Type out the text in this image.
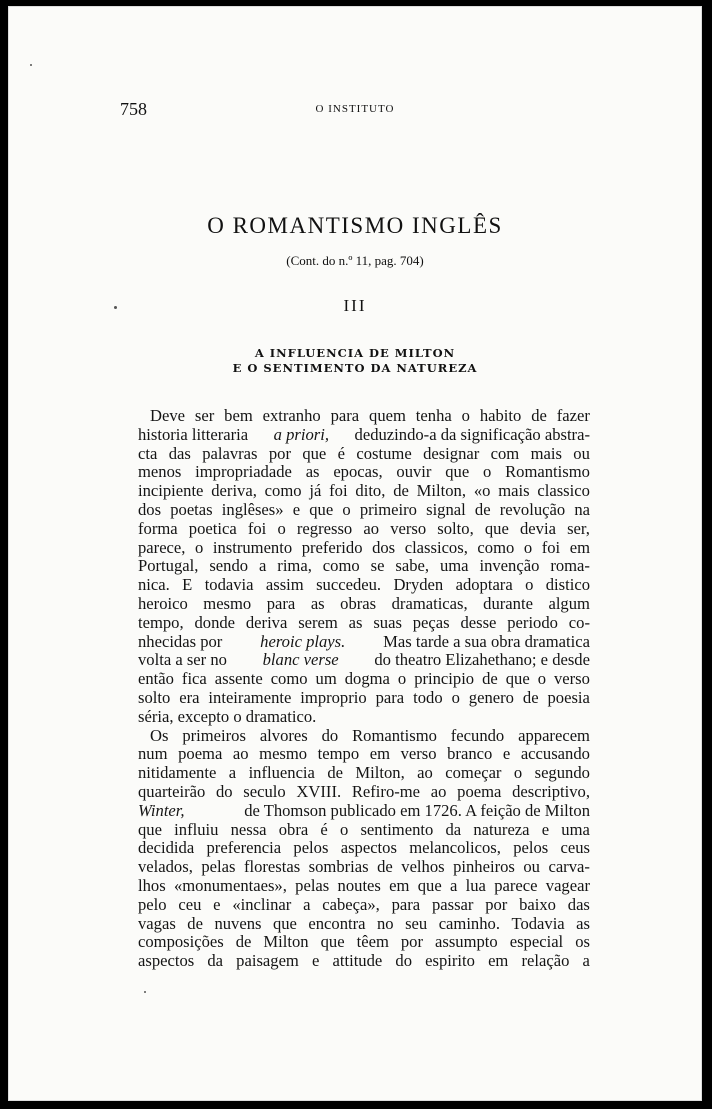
758	O INSTITUTO
O ROMANTISMO INGLÊS
(Cont. do n.º 11, pag. 704)
III
A INFLUENCIA DE MILTON
E O SENTIMENTO DA NATUREZA
Deve ser bem extranho para quem tenha o habito de fazer
historia litteraria a priori, deduzindo-a da significação abstra-
cta das palavras por que é costume designar com mais ou
menos impropriadade as epocas, ouvir que o Romantismo
incipiente deriva, como já foi dito, de Milton, «o mais classico
dos poetas inglêses» e que o primeiro signal de revolução na
forma poetica foi o regresso ao verso solto, que devia ser,
parece, o instrumento preferido dos classicos, como o foi em
Portugal, sendo a rima, como se sabe, uma invenção roma-
nica. E todavia assim succedeu. Dryden adoptara o distico
heroico mesmo para as obras dramaticas, durante algum
tempo, donde deriva serem as suas peças desse periodo co-
nhecidas por heroic plays. Mas tarde a sua obra dramatica
volta a ser no blanc verse do theatro Elizahethano; e desde
então fica assente como um dogma o principio de que o verso
solto era inteiramente improprio para todo o genero de poesia
séria, excepto o dramatico.
Os primeiros alvores do Romantismo fecundo apparecem
num poema ao mesmo tempo em verso branco e accusando
nitidamente a influencia de Milton, ao começar o segundo
quarteirão do seculo XVIII. Refiro-me ao poema descriptivo,
Winter,	de Thomson publicado em 1726. A feição de Milton
que influiu nessa obra é o sentimento da natureza e uma
decidida preferencia pelos aspectos melancolicos, pelos ceus
velados, pelas florestas sombrias de velhos pinheiros ou carva-
lhos «monumentaes», pelas noutes em que a lua parece vagear
pelo ceu e «inclinar a cabeça», para passar por baixo das
vagas de nuvens que encontra no seu caminho. Todavia as
composições de Milton que têem por assumpto especial os
aspectos da paisagem e attitude do espirito em relação a
